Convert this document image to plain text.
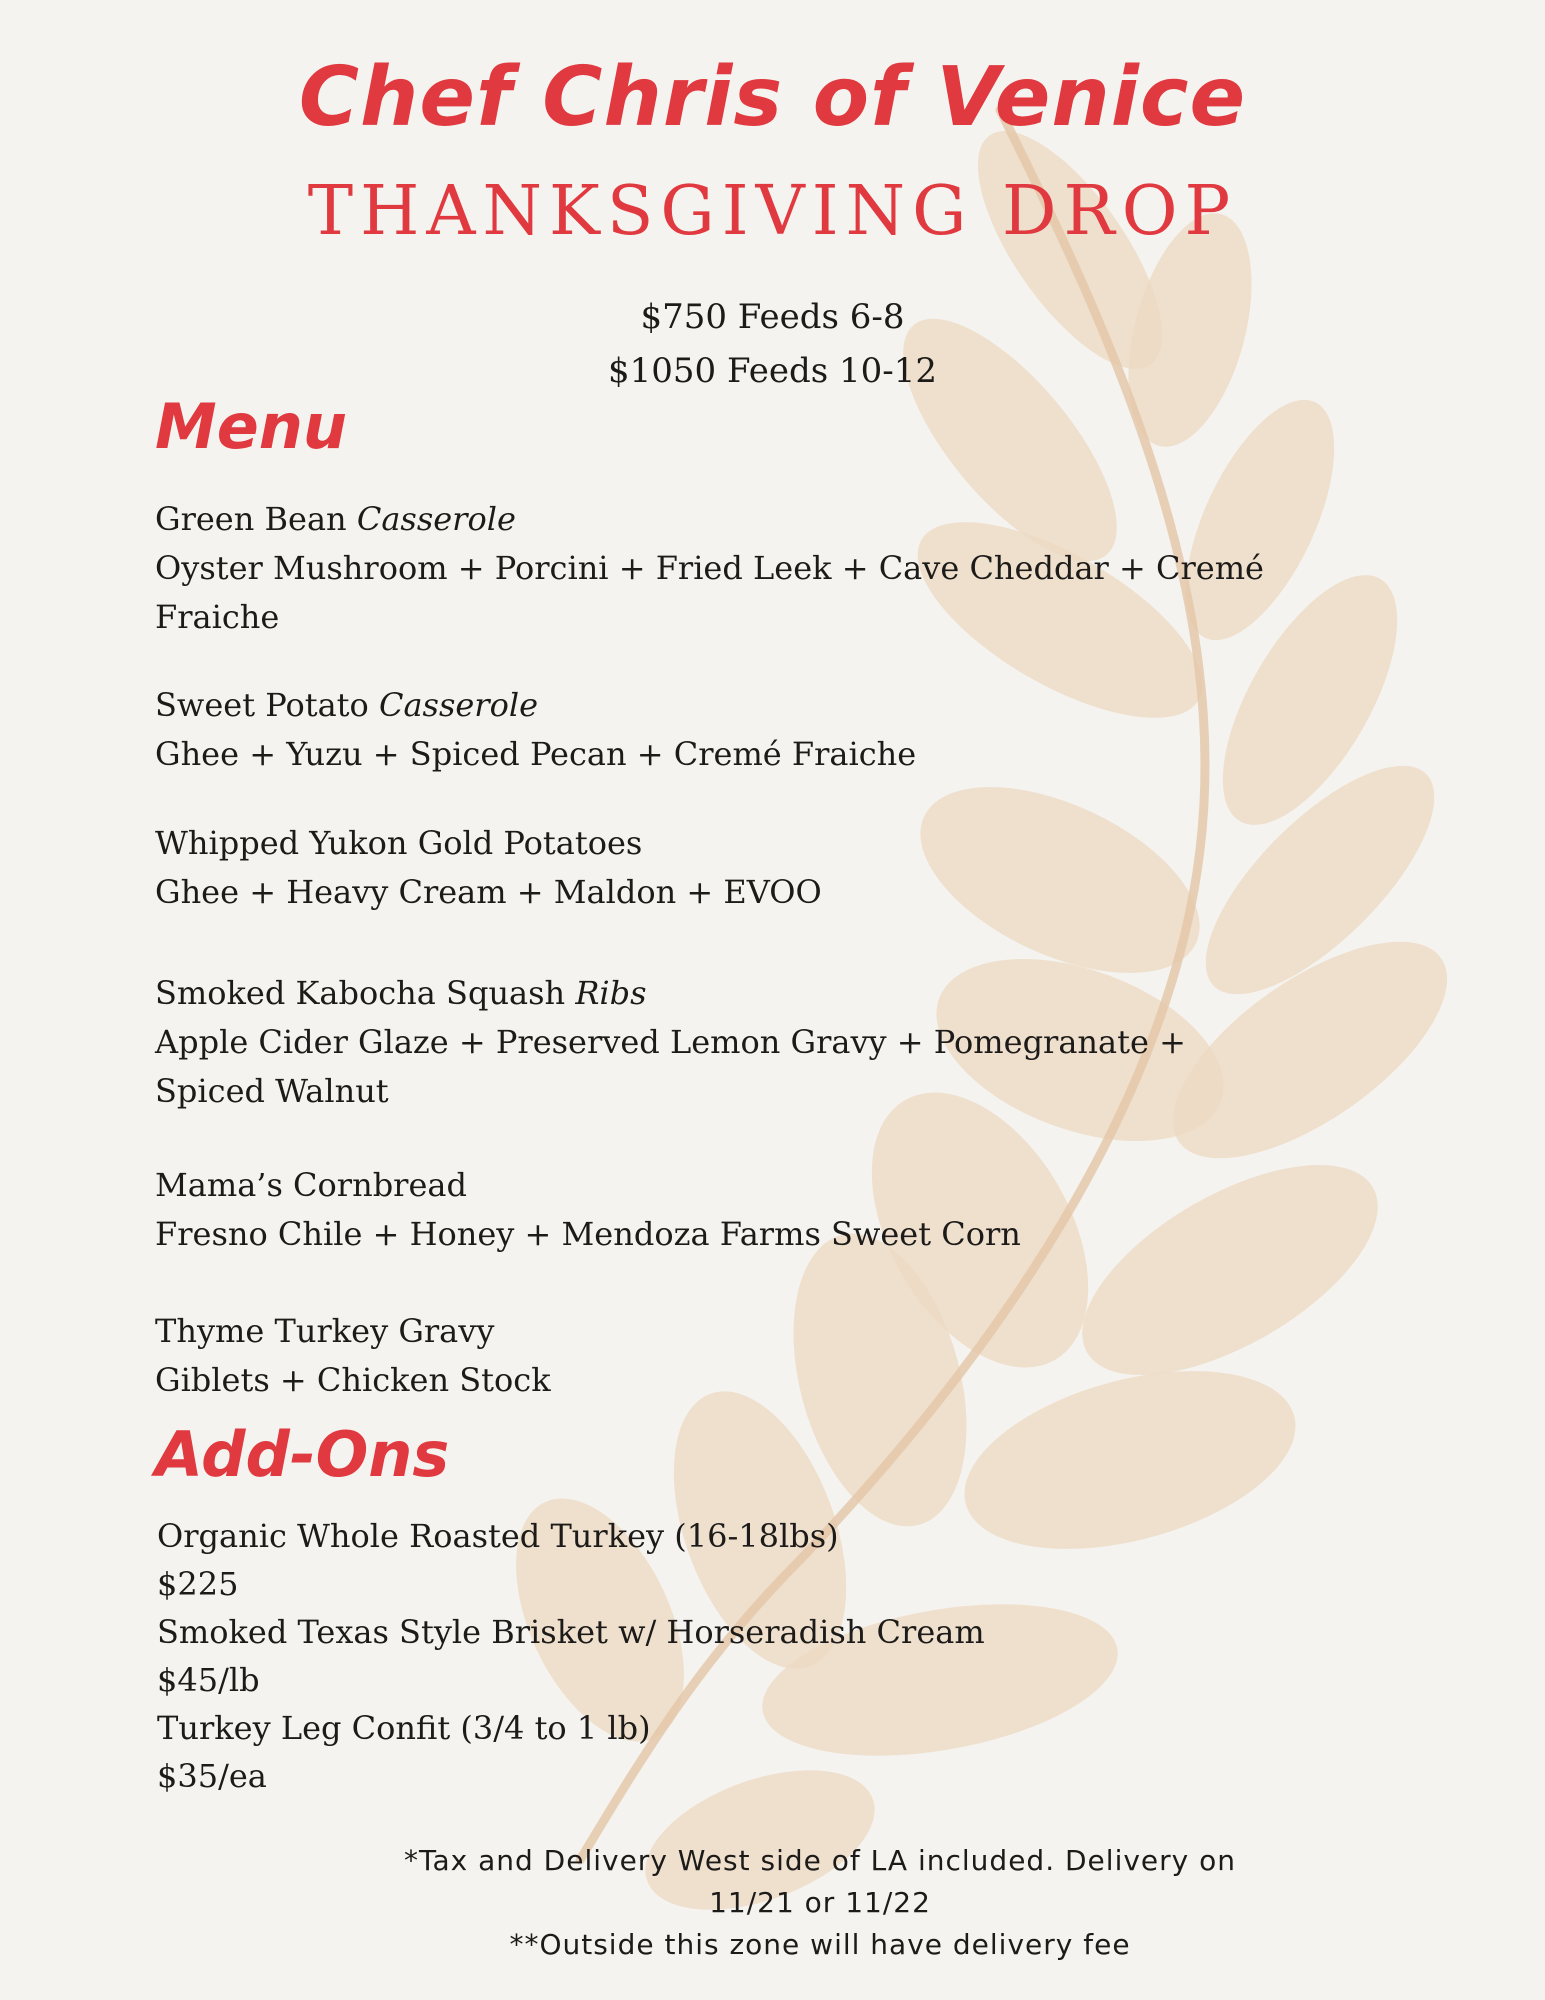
Chef Chris of Venice
THANKSGIVING DROP
$750 Feeds 6-8
$1050 Feeds 10-12
Menu
Green Bean Casserole
Oyster Mushroom + Porcini + Fried Leek + Cave Cheddar + Cremé Fraiche
Sweet Potato Casserole
Ghee + Yuzu + Spiced Pecan + Cremé Fraiche
Whipped Yukon Gold Potatoes
Ghee + Heavy Cream + Maldon + EVOO
Smoked Kabocha Squash Ribs
Apple Cider Glaze + Preserved Lemon Gravy + Pomegranate + Spiced Walnut
Mama’s Cornbread
Fresno Chile + Honey + Mendoza Farms Sweet Corn
Thyme Turkey Gravy
Giblets + Chicken Stock
Add-Ons
Organic Whole Roasted Turkey (16-18lbs)
$225
Smoked Texas Style Brisket w/ Horseradish Cream
$45/lb
Turkey Leg Confit (3/4 to 1 lb)
$35/ea
*Tax and Delivery West side of LA included. Delivery on
11/21 or 11/22
**Outside this zone will have delivery fee
